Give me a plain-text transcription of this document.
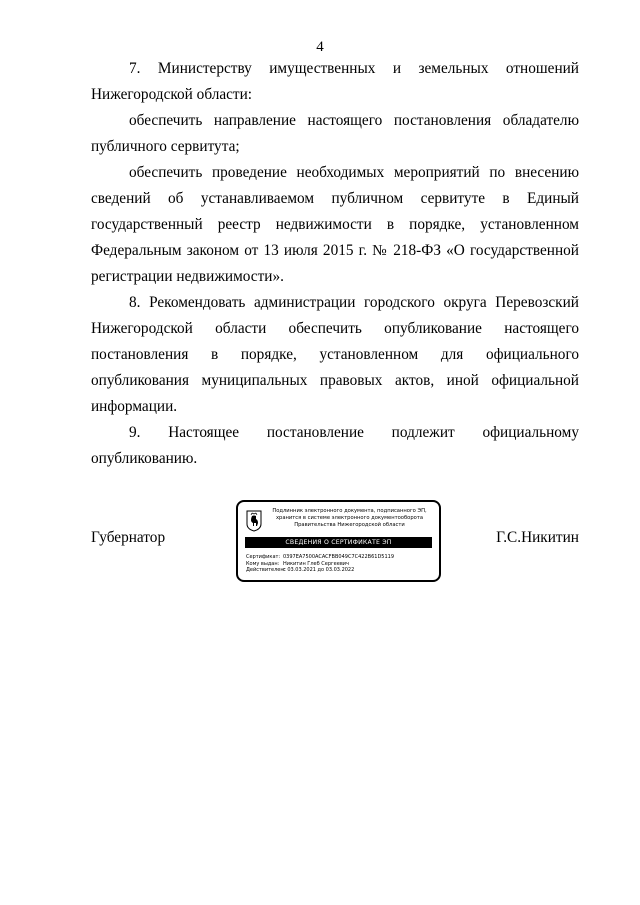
4

7. Министерству имущественных и земельных отношений
Нижегородской области:

обеспечить направление настоящего постановления обладателю
публичного сервитута;

обеспечить проведение необходимых мероприятий по внесению
сведений об устанавливаемом публичном сервитуте в Единый
государственный реестр недвижимости в порядке, установленном
Федеральным законом от 13 июля 2015 г. № 218-ФЗ «О государственной
регистрации недвижимости».

8. Рекомендовать администрации городского округа Перевозский
Нижегородской области обеспечить опубликование настоящего
постановления в порядке, установленном для официального
опубликования муниципальных правовых актов, иной официальной
информации.

9. Настоящее постановление подлежит официальному
опубликованию.

Губернатор	Г.С.Никитин
Подлинник электронного документа, подписанного ЭП,
хранится в системе электронного документооборота
Правительства Нижегородской области
СВЕДЕНИЯ О СЕРТИФИКАТЕ ЭП
Сертификат: 0397EA7500ACACFBB049C7C422B61D5119
Кому выдан: Никитин Глеб Сергеевич
Действителен:с 03.03.2021 до 03.03.2022
